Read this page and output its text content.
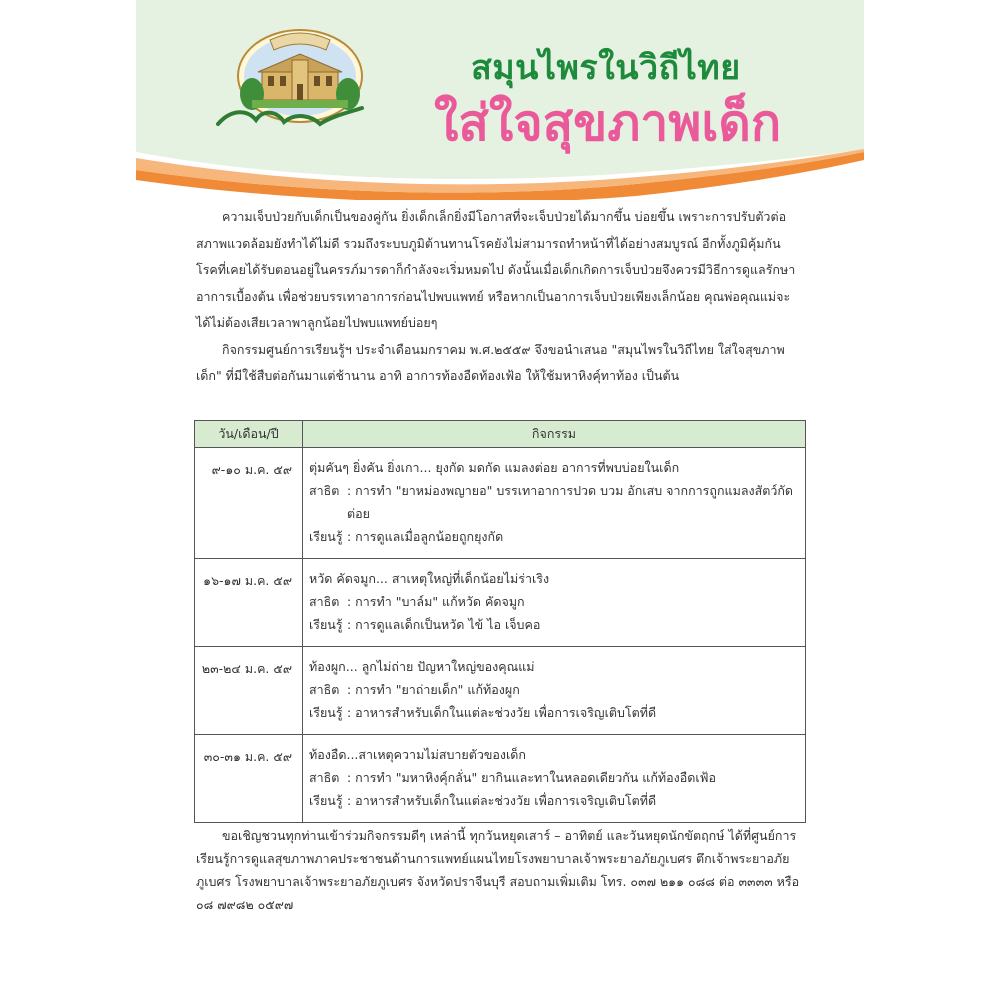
สมุนไพรในวิถีไทย
ใส่ใจสุขภาพเด็ก

ความเจ็บป่วยกับเด็กเป็นของคู่กัน ยิ่งเด็กเล็กยิ่งมีโอกาสที่จะเจ็บป่วยได้มากขึ้น บ่อยขึ้น เพราะการปรับตัวต่อสภาพแวดล้อมยังทำได้ไม่ดี รวมถึงระบบภูมิต้านทานโรคยังไม่สามารถทำหน้าที่ได้อย่างสมบูรณ์ อีกทั้งภูมิคุ้มกันโรคที่เคยได้รับตอนอยู่ในครรภ์มารดาก็กำลังจะเริ่มหมดไป ดังนั้นเมื่อเด็กเกิดการเจ็บป่วยจึงควรมีวิธีการดูแลรักษาอาการเบื้องต้น เพื่อช่วยบรรเทาอาการก่อนไปพบแพทย์ หรือหากเป็นอาการเจ็บป่วยเพียงเล็กน้อย คุณพ่อคุณแม่จะได้ไม่ต้องเสียเวลาพาลูกน้อยไปพบแพทย์บ่อยๆ

กิจกรรมศูนย์การเรียนรู้ฯ ประจำเดือนมกราคม พ.ศ.๒๕๕๙ จึงขอนำเสนอ "สมุนไพรในวิถีไทย ใส่ใจสุขภาพเด็ก" ที่มีใช้สืบต่อกันมาแต่ช้านาน อาทิ อาการท้องอืดท้องเฟ้อ ให้ใช้มหาหิงคุ์ทาท้อง เป็นต้น

วัน/เดือน/ปี	กิจกรรม
๙-๑๐ ม.ค. ๕๙	ตุ่มคันๆ ยิ่งคัน ยิ่งเกา... ยุงกัด มดกัด แมลงต่อย อาการที่พบบ่อยในเด็ก
สาธิต : การทำ "ยาหม่องพญายอ" บรรเทาอาการปวด บวม อักเสบ จากการถูกแมลงสัตว์กัด
ต่อย
เรียนรู้ : การดูแลเมื่อลูกน้อยถูกยุงกัด

๑๖-๑๗ ม.ค. ๕๙	หวัด คัดจมูก... สาเหตุใหญ่ที่เด็กน้อยไม่ร่าเริง
สาธิต : การทำ "บาล์ม" แก้หวัด คัดจมูก
เรียนรู้ : การดูแลเด็กเป็นหวัด ไข้ ไอ เจ็บคอ

๒๓-๒๔ ม.ค. ๕๙	ท้องผูก... ลูกไม่ถ่าย ปัญหาใหญ่ของคุณแม่
สาธิต : การทำ "ยาถ่ายเด็ก" แก้ท้องผูก
เรียนรู้ : อาหารสำหรับเด็กในแต่ละช่วงวัย เพื่อการเจริญเติบโตที่ดี

๓๐-๓๑ ม.ค. ๕๙	ท้องอืด...สาเหตุความไม่สบายตัวของเด็ก
สาธิต : การทำ "มหาหิงคุ์กลั่น" ยากินและทาในหลอดเดียวกัน แก้ท้องอืดเฟ้อ
เรียนรู้ : อาหารสำหรับเด็กในแต่ละช่วงวัย เพื่อการเจริญเติบโตที่ดี

ขอเชิญชวนทุกท่านเข้าร่วมกิจกรรมดีๆ เหล่านี้ ทุกวันหยุดเสาร์ – อาทิตย์ และวันหยุดนักขัตฤกษ์ ได้ที่ศูนย์การเรียนรู้การดูแลสุขภาพภาคประชาชนด้านการแพทย์แผนไทยโรงพยาบาลเจ้าพระยาอภัยภูเบศร ตึกเจ้าพระยาอภัยภูเบศร โรงพยาบาลเจ้าพระยาอภัยภูเบศร จังหวัดปราจีนบุรี สอบถามเพิ่มเติม โทร. ๐๓๗ ๒๑๑ ๐๘๘ ต่อ ๓๓๓๓ หรือ ๐๘ ๗๙๘๒ ๐๕๙๗
